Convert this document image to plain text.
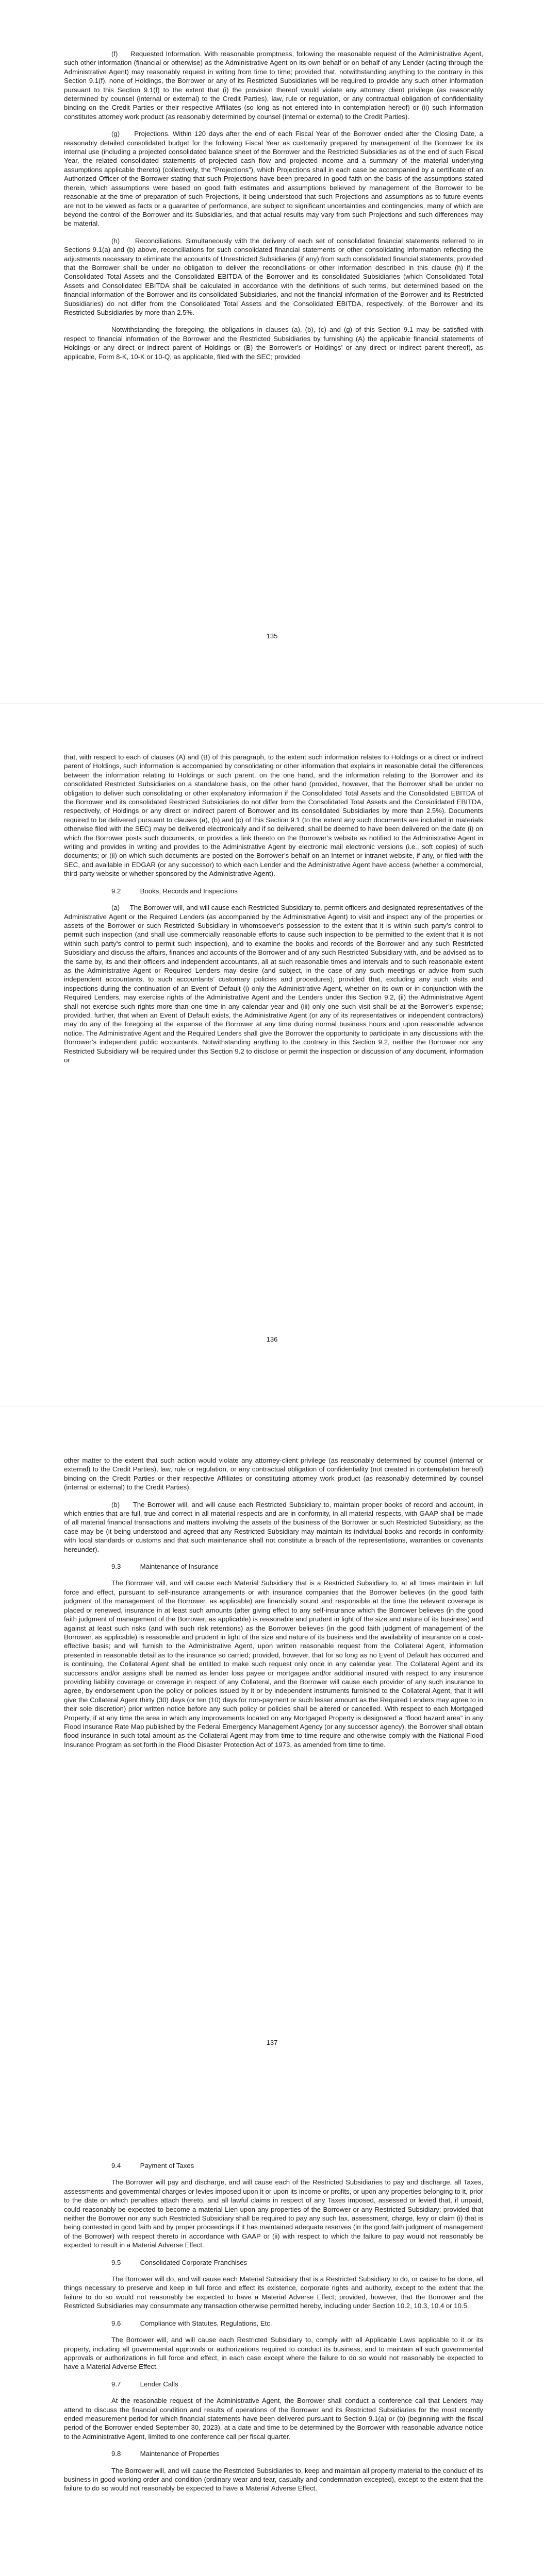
(f)     Requested Information. With reasonable promptness, following the reasonable request of the Administrative Agent, such other information (financial or otherwise) as the Administrative Agent on its own behalf or on behalf of any Lender (acting through the Administrative Agent) may reasonably request in writing from time to time; provided that, notwithstanding anything to the contrary in this Section 9.1(f), none of Holdings, the Borrower or any of its Restricted Subsidiaries will be required to provide any such other information pursuant to this Section 9.1(f) to the extent that (i) the provision thereof would violate any attorney client privilege (as reasonably determined by counsel (internal or external) to the Credit Parties), law, rule or regulation, or any contractual obligation of confidentiality binding on the Credit Parties or their respective Affiliates (so long as not entered into in contemplation hereof) or (ii) such information constitutes attorney work product (as reasonably determined by counsel (internal or external) to the Credit Parties).

(g)     Projections. Within 120 days after the end of each Fiscal Year of the Borrower ended after the Closing Date, a reasonably detailed consolidated budget for the following Fiscal Year as customarily prepared by management of the Borrower for its internal use (including a projected consolidated balance sheet of the Borrower and the Restricted Subsidiaries as of the end of such Fiscal Year, the related consolidated statements of projected cash flow and projected income and a summary of the material underlying assumptions applicable thereto) (collectively, the “Projections”), which Projections shall in each case be accompanied by a certificate of an Authorized Officer of the Borrower stating that such Projections have been prepared in good faith on the basis of the assumptions stated therein, which assumptions were based on good faith estimates and assumptions believed by management of the Borrower to be reasonable at the time of preparation of such Projections, it being understood that such Projections and assumptions as to future events are not to be viewed as facts or a guarantee of performance, are subject to significant uncertainties and contingencies, many of which are beyond the control of the Borrower and its Subsidiaries, and that actual results may vary from such Projections and such differences may be material.

(h)     Reconciliations. Simultaneously with the delivery of each set of consolidated financial statements referred to in Sections 9.1(a) and (b) above, reconciliations for such consolidated financial statements or other consolidating information reflecting the adjustments necessary to eliminate the accounts of Unrestricted Subsidiaries (if any) from such consolidated financial statements; provided that the Borrower shall be under no obligation to deliver the reconciliations or other information described in this clause (h) if the Consolidated Total Assets and the Consolidated EBITDA of the Borrower and its consolidated Subsidiaries (which Consolidated Total Assets and Consolidated EBITDA shall be calculated in accordance with the definitions of such terms, but determined based on the financial information of the Borrower and its consolidated Subsidiaries, and not the financial information of the Borrower and its Restricted Subsidiaries) do not differ from the Consolidated Total Assets and the Consolidated EBITDA, respectively, of the Borrower and its Restricted Subsidiaries by more than 2.5%.

Notwithstanding the foregoing, the obligations in clauses (a), (b), (c) and (g) of this Section 9.1 may be satisfied with respect to financial information of the Borrower and the Restricted Subsidiaries by furnishing (A) the applicable financial statements of Holdings or any direct or indirect parent of Holdings or (B) the Borrower’s or Holdings’ or any direct or indirect parent thereof), as applicable, Form 8-K, 10-K or 10-Q, as applicable, filed with the SEC; provided

135

that, with respect to each of clauses (A) and (B) of this paragraph, to the extent such information relates to Holdings or a direct or indirect parent of Holdings, such information is accompanied by consolidating or other information that explains in reasonable detail the differences between the information relating to Holdings or such parent, on the one hand, and the information relating to the Borrower and its consolidated Restricted Subsidiaries on a standalone basis, on the other hand (provided, however, that the Borrower shall be under no obligation to deliver such consolidating or other explanatory information if the Consolidated Total Assets and the Consolidated EBITDA of the Borrower and its consolidated Restricted Subsidiaries do not differ from the Consolidated Total Assets and the Consolidated EBITDA, respectively, of Holdings or any direct or indirect parent of Borrower and its consolidated Subsidiaries by more than 2.5%). Documents required to be delivered pursuant to clauses (a), (b) and (c) of this Section 9.1 (to the extent any such documents are included in materials otherwise filed with the SEC) may be delivered electronically and if so delivered, shall be deemed to have been delivered on the date (i) on which the Borrower posts such documents, or provides a link thereto on the Borrower’s website as notified to the Administrative Agent in writing and provides in writing and provides to the Administrative Agent by electronic mail electronic versions (i.e., soft copies) of such documents; or (ii) on which such documents are posted on the Borrower’s behalf on an Internet or intranet website, if any, or filed with the SEC, and available in EDGAR (or any successor) to which each Lender and the Administrative Agent have access (whether a commercial, third-party website or whether sponsored by the Administrative Agent).

9.2	Books, Records and Inspections

(a)     The Borrower will, and will cause each Restricted Subsidiary to, permit officers and designated representatives of the Administrative Agent or the Required Lenders (as accompanied by the Administrative Agent) to visit and inspect any of the properties or assets of the Borrower or such Restricted Subsidiary in whomsoever’s possession to the extent that it is within such party’s control to permit such inspection (and shall use commercially reasonable efforts to cause such inspection to be permitted to the extent that it is not within such party’s control to permit such inspection), and to examine the books and records of the Borrower and any such Restricted Subsidiary and discuss the affairs, finances and accounts of the Borrower and of any such Restricted Subsidiary with, and be advised as to the same by, its and their officers and independent accountants, all at such reasonable times and intervals and to such reasonable extent as the Administrative Agent or Required Lenders may desire (and subject, in the case of any such meetings or advice from such independent accountants, to such accountants’ customary policies and procedures); provided that, excluding any such visits and inspections during the continuation of an Event of Default (i) only the Administrative Agent, whether on its own or in conjunction with the Required Lenders, may exercise rights of the Administrative Agent and the Lenders under this Section 9.2, (ii) the Administrative Agent shall not exercise such rights more than one time in any calendar year and (iii) only one such visit shall be at the Borrower’s expense; provided, further, that when an Event of Default exists, the Administrative Agent (or any of its representatives or independent contractors) may do any of the foregoing at the expense of the Borrower at any time during normal business hours and upon reasonable advance notice. The Administrative Agent and the Required Lenders shall give the Borrower the opportunity to participate in any discussions with the Borrower’s independent public accountants. Notwithstanding anything to the contrary in this Section 9.2, neither the Borrower nor any Restricted Subsidiary will be required under this Section 9.2 to disclose or permit the inspection or discussion of any document, information or

136

other matter to the extent that such action would violate any attorney-client privilege (as reasonably determined by counsel (internal or external) to the Credit Parties), law, rule or regulation, or any contractual obligation of confidentiality (not created in contemplation hereof) binding on the Credit Parties or their respective Affiliates or constituting attorney work product (as reasonably determined by counsel (internal or external) to the Credit Parties).

(b)     The Borrower will, and will cause each Restricted Subsidiary to, maintain proper books of record and account, in which entries that are full, true and correct in all material respects and are in conformity, in all material respects, with GAAP shall be made of all material financial transactions and matters involving the assets of the business of the Borrower or such Restricted Subsidiary, as the case may be (it being understood and agreed that any Restricted Subsidiary may maintain its individual books and records in conformity with local standards or customs and that such maintenance shall not constitute a breach of the representations, warranties or covenants hereunder).

9.3	Maintenance of Insurance

The Borrower will, and will cause each Material Subsidiary that is a Restricted Subsidiary to, at all times maintain in full force and effect, pursuant to self-insurance arrangements or with insurance companies that the Borrower believes (in the good faith judgment of the management of the Borrower, as applicable) are financially sound and responsible at the time the relevant coverage is placed or renewed, insurance in at least such amounts (after giving effect to any self-insurance which the Borrower believes (in the good faith judgment of management of the Borrower, as applicable) is reasonable and prudent in light of the size and nature of its business) and against at least such risks (and with such risk retentions) as the Borrower believes (in the good faith judgment of management of the Borrower, as applicable) is reasonable and prudent in light of the size and nature of its business and the availability of insurance on a cost-effective basis; and will furnish to the Administrative Agent, upon written reasonable request from the Collateral Agent, information presented in reasonable detail as to the insurance so carried; provided, however, that for so long as no Event of Default has occurred and is continuing, the Collateral Agent shall be entitled to make such request only once in any calendar year. The Collateral Agent and its successors and/or assigns shall be named as lender loss payee or mortgagee and/or additional insured with respect to any insurance providing liability coverage or coverage in respect of any Collateral, and the Borrower will cause each provider of any such insurance to agree, by endorsement upon the policy or policies issued by it or by independent instruments furnished to the Collateral Agent, that it will give the Collateral Agent thirty (30) days (or ten (10) days for non-payment or such lesser amount as the Required Lenders may agree to in their sole discretion) prior written notice before any such policy or policies shall be altered or cancelled. With respect to each Mortgaged Property, if at any time the area in which any improvements located on any Mortgaged Property is designated a “flood hazard area” in any Flood Insurance Rate Map published by the Federal Emergency Management Agency (or any successor agency), the Borrower shall obtain flood insurance in such total amount as the Collateral Agent may from time to time require and otherwise comply with the National Flood Insurance Program as set forth in the Flood Disaster Protection Act of 1973, as amended from time to time.

137
9.4	Payment of Taxes

The Borrower will pay and discharge, and will cause each of the Restricted Subsidiaries to pay and discharge, all Taxes, assessments and governmental charges or levies imposed upon it or upon its income or profits, or upon any properties belonging to it, prior to the date on which penalties attach thereto, and all lawful claims in respect of any Taxes imposed, assessed or levied that, if unpaid, could reasonably be expected to become a material Lien upon any properties of the Borrower or any Restricted Subsidiary; provided that neither the Borrower nor any such Restricted Subsidiary shall be required to pay any such tax, assessment, charge, levy or claim (i) that is being contested in good faith and by proper proceedings if it has maintained adequate reserves (in the good faith judgment of management of the Borrower) with respect thereto in accordance with GAAP or (ii) with respect to which the failure to pay would not reasonably be expected to result in a Material Adverse Effect.

9.5	Consolidated Corporate Franchises

The Borrower will do, and will cause each Material Subsidiary that is a Restricted Subsidiary to do, or cause to be done, all things necessary to preserve and keep in full force and effect its existence, corporate rights and authority, except to the extent that the failure to do so would not reasonably be expected to have a Material Adverse Effect; provided, however, that the Borrower and the Restricted Subsidiaries may consummate any transaction otherwise permitted hereby, including under Section 10.2, 10.3, 10.4 or 10.5.

9.6	Compliance with Statutes, Regulations, Etc.

The Borrower will, and will cause each Restricted Subsidiary to, comply with all Applicable Laws applicable to it or its property, including all governmental approvals or authorizations required to conduct its business, and to maintain all such governmental approvals or authorizations in full force and effect, in each case except where the failure to do so would not reasonably be expected to have a Material Adverse Effect.

9.7	Lender Calls

At the reasonable request of the Administrative Agent, the Borrower shall conduct a conference call that Lenders may attend to discuss the financial condition and results of operations of the Borrower and its Restricted Subsidiaries for the most recently ended measurement period for which financial statements have been delivered pursuant to Section 9.1(a) or (b) (beginning with the fiscal period of the Borrower ended September 30, 2023), at a date and time to be determined by the Borrower with reasonable advance notice to the Administrative Agent, limited to one conference call per fiscal quarter.

9.8	Maintenance of Properties

The Borrower will, and will cause the Restricted Subsidiaries to, keep and maintain all property material to the conduct of its business in good working order and condition (ordinary wear and tear, casualty and condemnation excepted), except to the extent that the failure to do so would not reasonably be expected to have a Material Adverse Effect.
